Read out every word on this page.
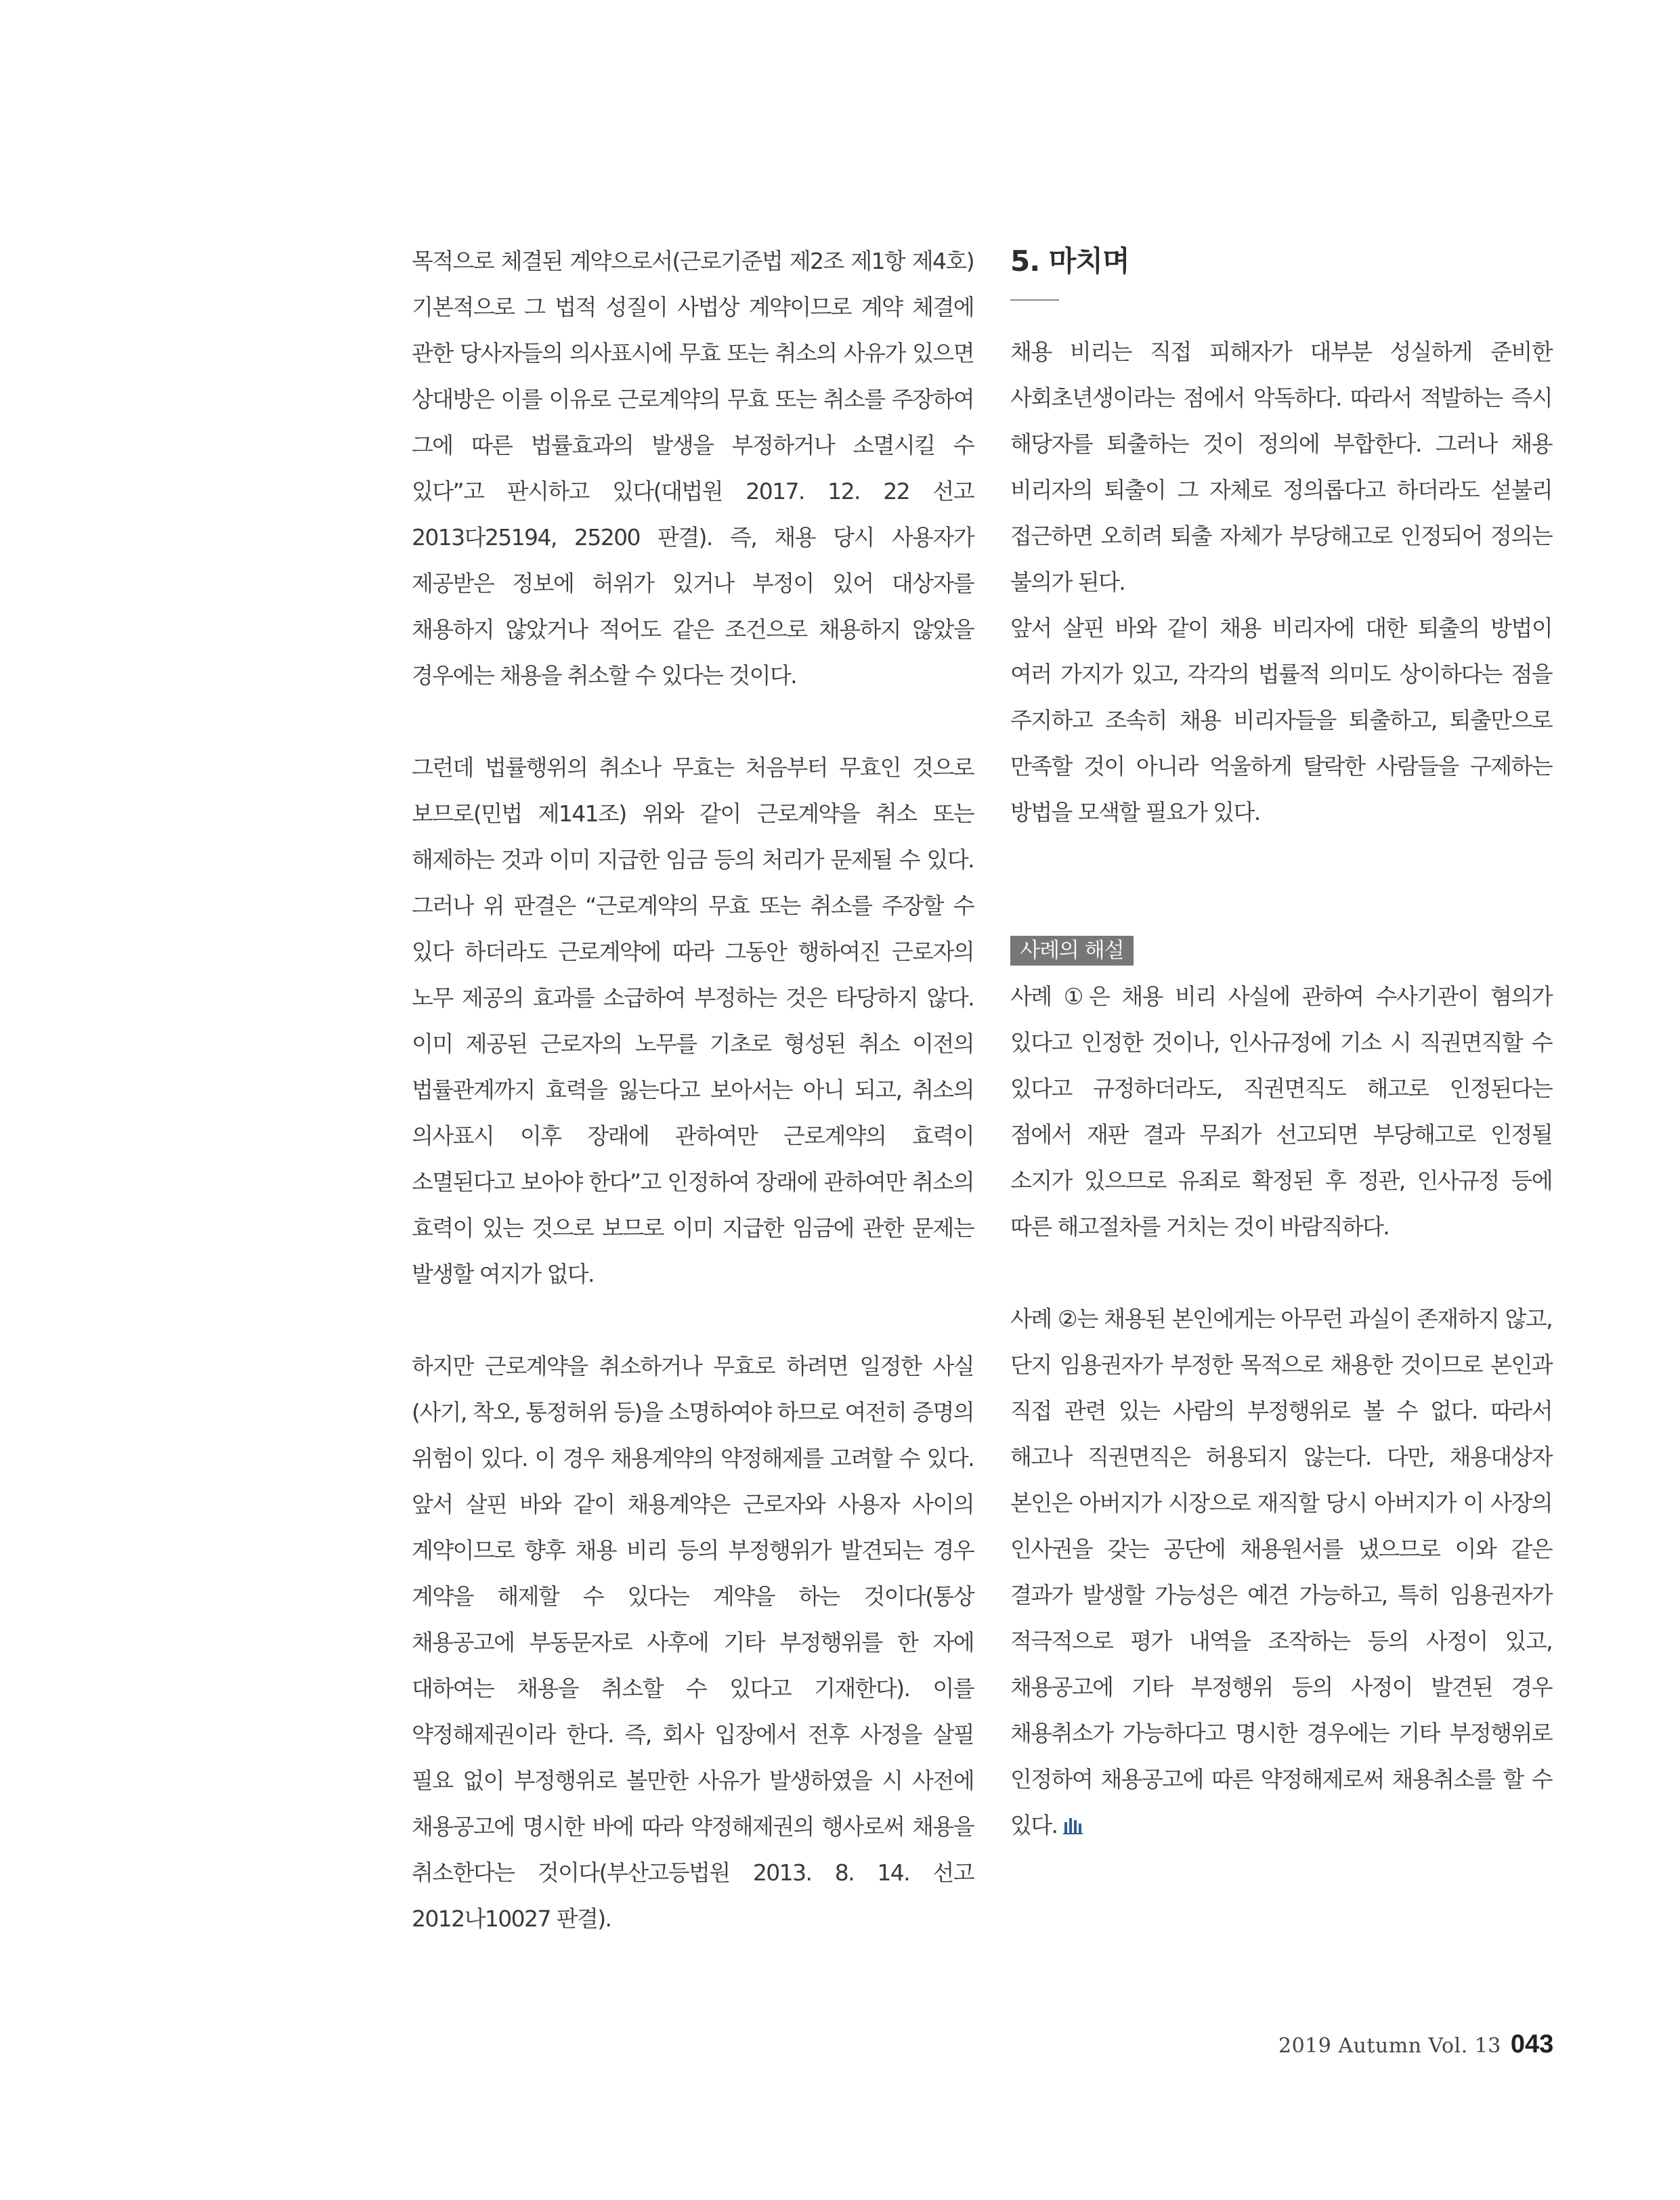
목적으로 체결된 계약으로서(근로기준법 제2조 제1항 제4호) 기본적으로 그 법적 성질이 사법상 계약이므로 계약 체결에 관한 당사자들의 의사표시에 무효 또는 취소의 사유가 있으면 상대방은 이를 이유로 근로계약의 무효 또는 취소를 주장하여 그에 따른 법률효과의 발생을 부정하거나 소멸시킬 수 있다”고 판시하고 있다(대법원 2017. 12. 22 선고 2013다25194, 25200 판결). 즉, 채용 당시 사용자가 제공받은 정보에 허위가 있거나 부정이 있어 대상자를 채용하지 않았거나 적어도 같은 조건으로 채용하지 않았을 경우에는 채용을 취소할 수 있다는 것이다.

그런데 법률행위의 취소나 무효는 처음부터 무효인 것으로 보므로(민법 제141조) 위와 같이 근로계약을 취소 또는 해제하는 것과 이미 지급한 임금 등의 처리가 문제될 수 있다. 그러나 위 판결은 “근로계약의 무효 또는 취소를 주장할 수 있다 하더라도 근로계약에 따라 그동안 행하여진 근로자의 노무 제공의 효과를 소급하여 부정하는 것은 타당하지 않다. 이미 제공된 근로자의 노무를 기초로 형성된 취소 이전의 법률관계까지 효력을 잃는다고 보아서는 아니 되고, 취소의 의사표시 이후 장래에 관하여만 근로계약의 효력이 소멸된다고 보아야 한다”고 인정하여 장래에 관하여만 취소의 효력이 있는 것으로 보므로 이미 지급한 임금에 관한 문제는 발생할 여지가 없다.

하지만 근로계약을 취소하거나 무효로 하려면 일정한 사실(사기, 착오, 통정허위 등)을 소명하여야 하므로 여전히 증명의 위험이 있다. 이 경우 채용계약의 약정해제를 고려할 수 있다. 앞서 살핀 바와 같이 채용계약은 근로자와 사용자 사이의 계약이므로 향후 채용 비리 등의 부정행위가 발견되는 경우 계약을 해제할 수 있다는 계약을 하는 것이다(통상 채용공고에 부동문자로 사후에 기타 부정행위를 한 자에 대하여는 채용을 취소할 수 있다고 기재한다). 이를 약정해제권이라 한다. 즉, 회사 입장에서 전후 사정을 살필 필요 없이 부정행위로 볼만한 사유가 발생하였을 시 사전에 채용공고에 명시한 바에 따라 약정해제권의 행사로써 채용을 취소한다는 것이다(부산고등법원 2013. 8. 14. 선고 2012나10027 판결).

5. 마치며

채용 비리는 직접 피해자가 대부분 성실하게 준비한 사회초년생이라는 점에서 악독하다. 따라서 적발하는 즉시 해당자를 퇴출하는 것이 정의에 부합한다. 그러나 채용 비리자의 퇴출이 그 자체로 정의롭다고 하더라도 섣불리 접근하면 오히려 퇴출 자체가 부당해고로 인정되어 정의는 불의가 된다.

앞서 살핀 바와 같이 채용 비리자에 대한 퇴출의 방법이 여러 가지가 있고, 각각의 법률적 의미도 상이하다는 점을 주지하고 조속히 채용 비리자들을 퇴출하고, 퇴출만으로 만족할 것이 아니라 억울하게 탈락한 사람들을 구제하는 방법을 모색할 필요가 있다.

사례의 해설

사례 ①은 채용 비리 사실에 관하여 수사기관이 혐의가 있다고 인정한 것이나, 인사규정에 기소 시 직권면직할 수 있다고 규정하더라도, 직권면직도 해고로 인정된다는 점에서 재판 결과 무죄가 선고되면 부당해고로 인정될 소지가 있으므로 유죄로 확정된 후 정관, 인사규정 등에 따른 해고절차를 거치는 것이 바람직하다.

사례 ②는 채용된 본인에게는 아무런 과실이 존재하지 않고, 단지 임용권자가 부정한 목적으로 채용한 것이므로 본인과 직접 관련 있는 사람의 부정행위로 볼 수 없다. 따라서 해고나 직권면직은 허용되지 않는다. 다만, 채용대상자 본인은 아버지가 시장으로 재직할 당시 아버지가 이 사장의 인사권을 갖는 공단에 채용원서를 냈으므로 이와 같은 결과가 발생할 가능성은 예견 가능하고, 특히 임용권자가 적극적으로 평가 내역을 조작하는 등의 사정이 있고, 채용공고에 기타 부정행위 등의 사정이 발견된 경우 채용취소가 가능하다고 명시한 경우에는 기타 부정행위로 인정하여 채용공고에 따른 약정해제로써 채용취소를 할 수 있다.

2019 Autumn Vol. 13 043
